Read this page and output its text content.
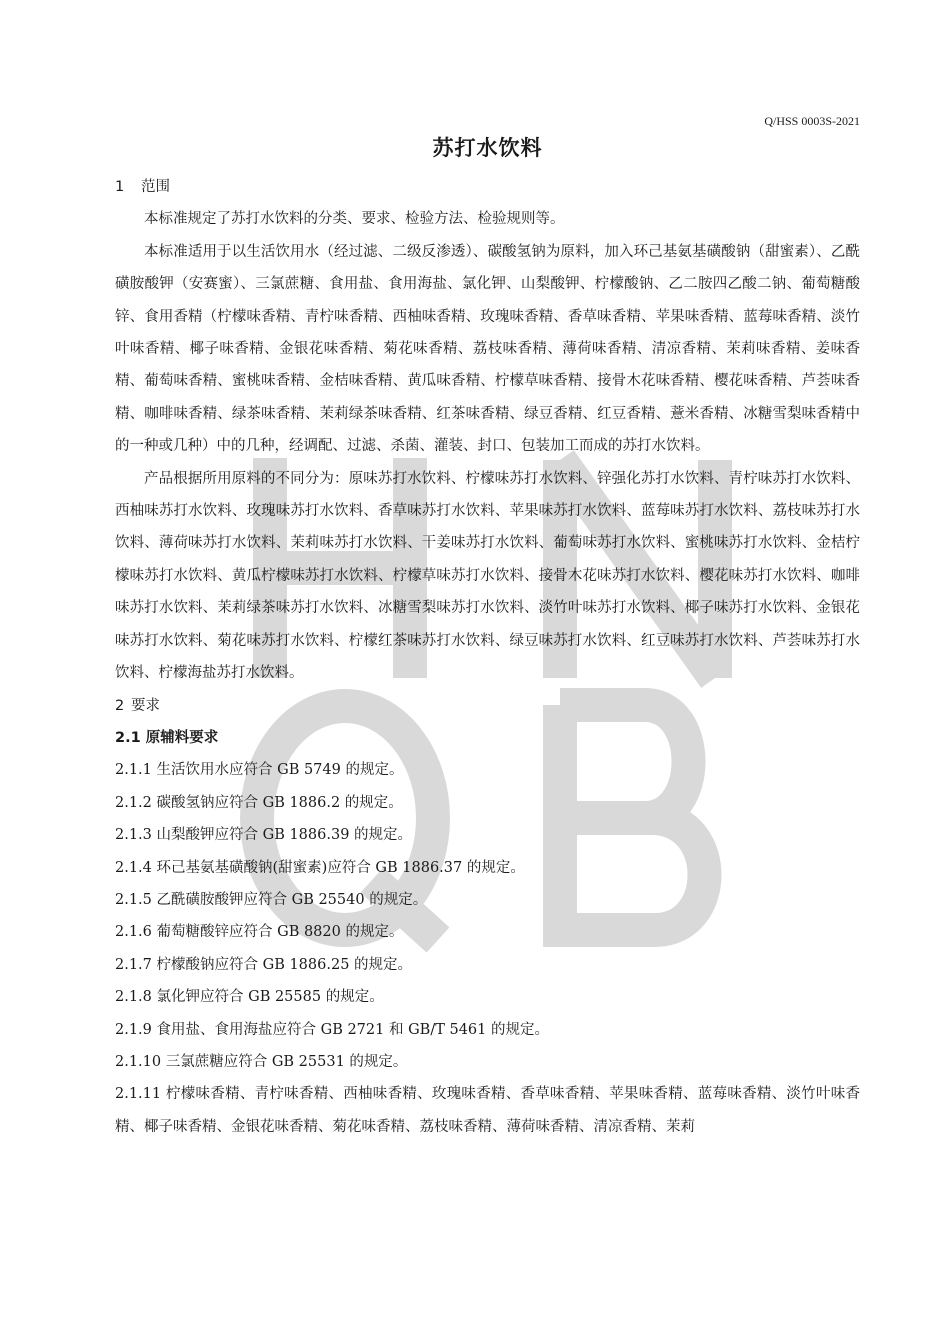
Q/HSS 0003S-2021
苏打水饮料

1 范围

本标准规定了苏打水饮料的分类、要求、检验方法、检验规则等。

本标准适用于以生活饮用水（经过滤、二级反渗透）、碳酸氢钠为原料，加入环己基氨基磺酸钠（甜蜜素）、乙酰磺胺酸钾（安赛蜜）、三氯蔗糖、食用盐、食用海盐、氯化钾、山梨酸钾、柠檬酸钠、乙二胺四乙酸二钠、葡萄糖酸锌、食用香精（柠檬味香精、青柠味香精、西柚味香精、玫瑰味香精、香草味香精、苹果味香精、蓝莓味香精、淡竹叶味香精、椰子味香精、金银花味香精、菊花味香精、荔枝味香精、薄荷味香精、清凉香精、茉莉味香精、姜味香精、葡萄味香精、蜜桃味香精、金桔味香精、黄瓜味香精、柠檬草味香精、接骨木花味香精、樱花味香精、芦荟味香精、咖啡味香精、绿茶味香精、茉莉绿茶味香精、红茶味香精、绿豆香精、红豆香精、薏米香精、冰糖雪梨味香精中的一种或几种）中的几种，经调配、过滤、杀菌、灌装、封口、包装加工而成的苏打水饮料。

产品根据所用原料的不同分为：原味苏打水饮料、柠檬味苏打水饮料、锌强化苏打水饮料、青柠味苏打水饮料、西柚味苏打水饮料、玫瑰味苏打水饮料、香草味苏打水饮料、苹果味苏打水饮料、蓝莓味苏打水饮料、荔枝味苏打水饮料、薄荷味苏打水饮料、茉莉味苏打水饮料、干姜味苏打水饮料、葡萄味苏打水饮料、蜜桃味苏打水饮料、金桔柠檬味苏打水饮料、黄瓜柠檬味苏打水饮料、柠檬草味苏打水饮料、接骨木花味苏打水饮料、樱花味苏打水饮料、咖啡味苏打水饮料、茉莉绿茶味苏打水饮料、冰糖雪梨味苏打水饮料、淡竹叶味苏打水饮料、椰子味苏打水饮料、金银花味苏打水饮料、菊花味苏打水饮料、柠檬红茶味苏打水饮料、绿豆味苏打水饮料、红豆味苏打水饮料、芦荟味苏打水饮料、柠檬海盐苏打水饮料。

2 要求

2.1 原辅料要求

2.1.1 生活饮用水应符合 GB 5749 的规定。

2.1.2 碳酸氢钠应符合 GB 1886.2 的规定。

2.1.3 山梨酸钾应符合 GB 1886.39 的规定。

2.1.4 环己基氨基磺酸钠(甜蜜素)应符合 GB 1886.37 的规定。

2.1.5 乙酰磺胺酸钾应符合 GB 25540 的规定。

2.1.6 葡萄糖酸锌应符合 GB 8820 的规定。

2.1.7 柠檬酸钠应符合 GB 1886.25 的规定。

2.1.8 氯化钾应符合 GB 25585 的规定。

2.1.9 食用盐、食用海盐应符合 GB 2721 和 GB/T 5461 的规定。

2.1.10 三氯蔗糖应符合 GB 25531 的规定。

2.1.11 柠檬味香精、青柠味香精、西柚味香精、玫瑰味香精、香草味香精、苹果味香精、蓝莓味香精、淡竹叶味香精、椰子味香精、金银花味香精、菊花味香精、荔枝味香精、薄荷味香精、清凉香精、茉莉
